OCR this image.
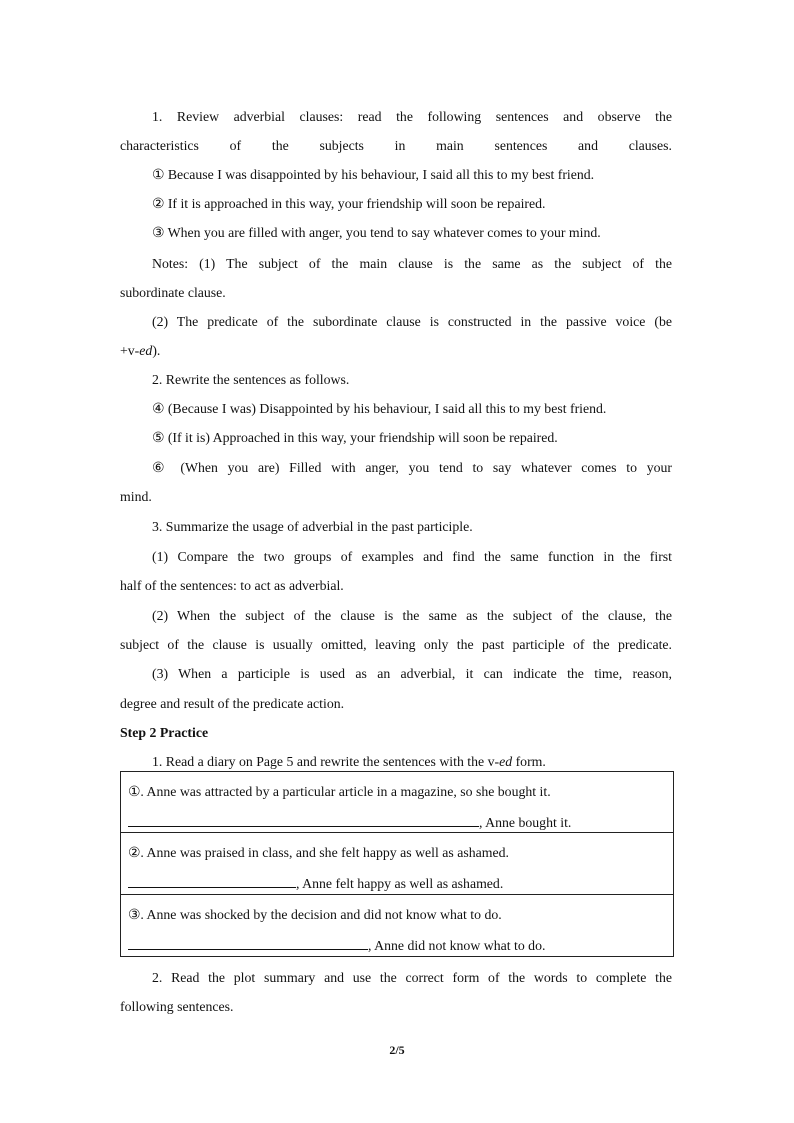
1. Review adverbial clauses: read the following sentences and observe the
characteristics of the subjects in main sentences and clauses.
① Because I was disappointed by his behaviour, I said all this to my best friend.
② If it is approached in this way, your friendship will soon be repaired.
③ When you are filled with anger, you tend to say whatever comes to your mind.
Notes: (1) The subject of the main clause is the same as the subject of the
subordinate clause.
(2) The predicate of the subordinate clause is constructed in the passive voice (be
+v-ed).
2. Rewrite the sentences as follows.
④ (Because I was) Disappointed by his behaviour, I said all this to my best friend.
⑤ (If it is) Approached in this way, your friendship will soon be repaired.
⑥ (When you are) Filled with anger, you tend to say whatever comes to your
mind.
3. Summarize the usage of adverbial in the past participle.
(1) Compare the two groups of examples and find the same function in the first
half of the sentences: to act as adverbial.
(2) When the subject of the clause is the same as the subject of the clause, the
subject of the clause is usually omitted, leaving only the past participle of the predicate.
(3) When a participle is used as an adverbial, it can indicate the time, reason,
degree and result of the predicate action.
Step 2 Practice
1. Read a diary on Page 5 and rewrite the sentences with the v-ed form.
①. Anne was attracted by a particular article in a magazine, so she bought it.
, Anne bought it.

②. Anne was praised in class, and she felt happy as well as ashamed.
, Anne felt happy as well as ashamed.

③. Anne was shocked by the decision and did not know what to do.
, Anne did not know what to do.
2. Read the plot summary and use the correct form of the words to complete the
following sentences.
2/5
